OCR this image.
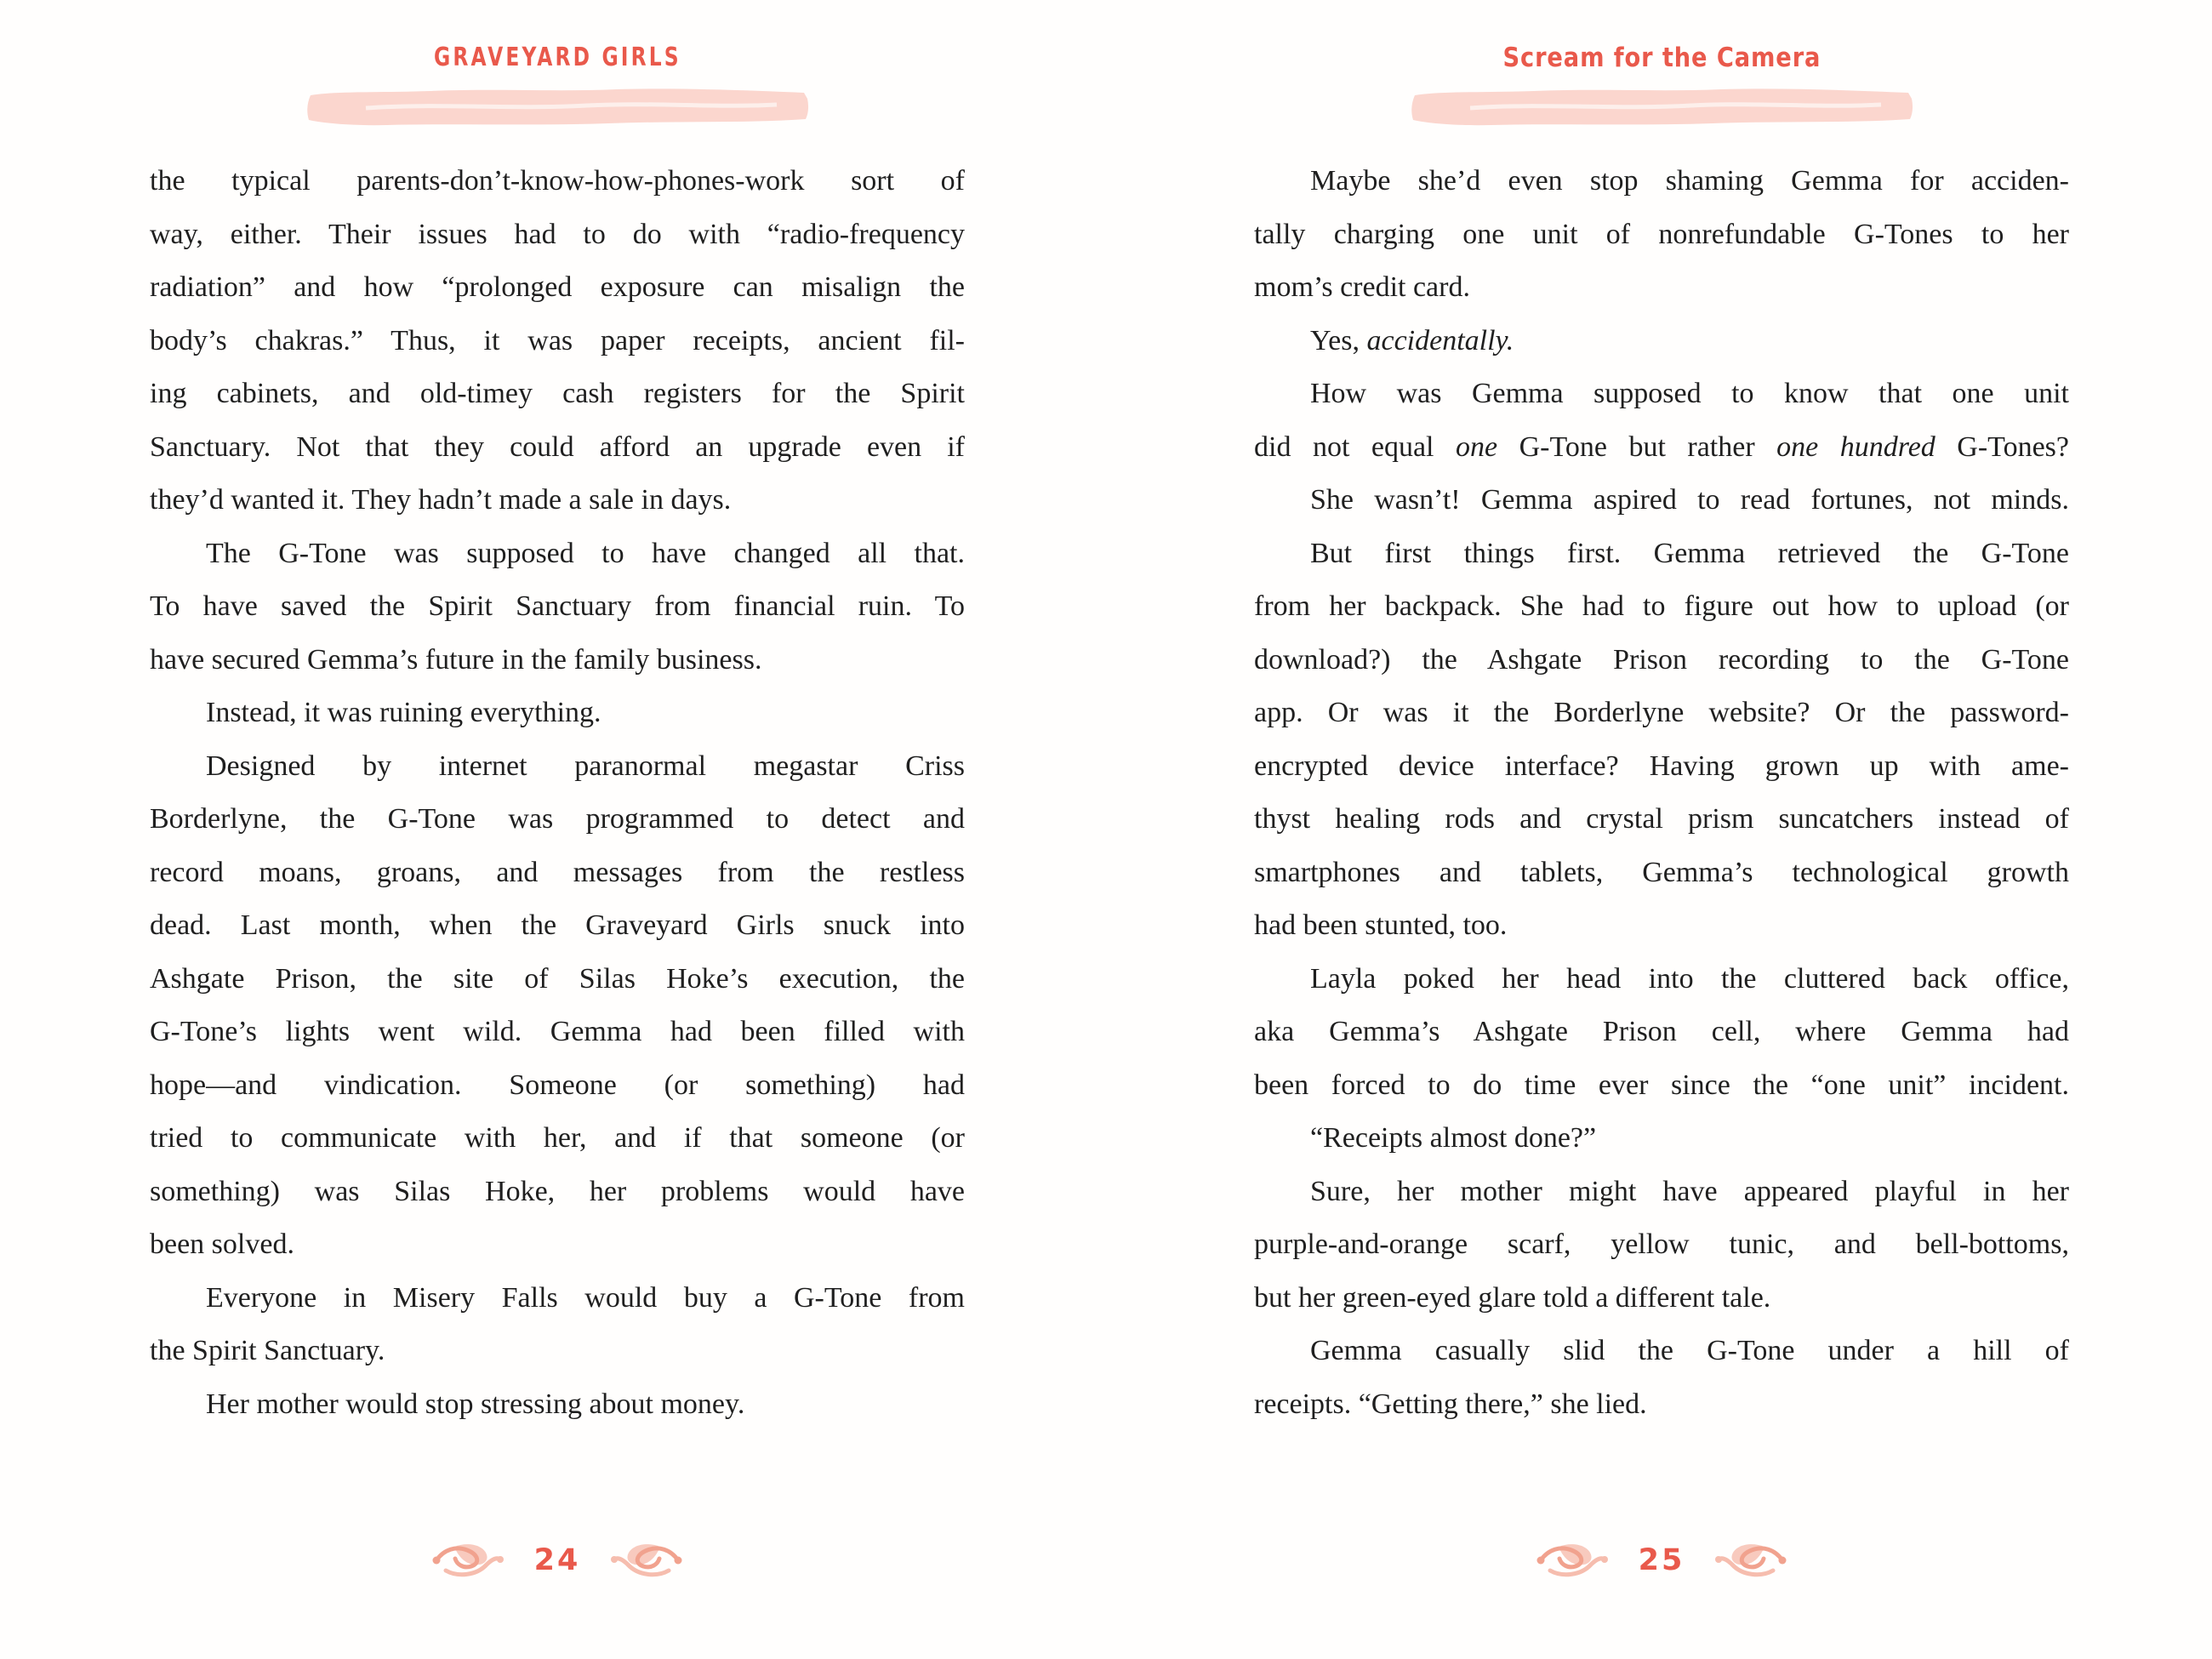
GRAVEYARD GIRLS
the typical parents-don’t-know-how-phones-work sort of
way, either. Their issues had to do with “radio-frequency
radiation” and how “prolonged exposure can misalign the
body’s chakras.” Thus, it was paper receipts, ancient fil-
ing cabinets, and old-timey cash registers for the Spirit
Sanctuary. Not that they could afford an upgrade even if
they’d wanted it. They hadn’t made a sale in days.
The G-Tone was supposed to have changed all that.
To have saved the Spirit Sanctuary from financial ruin. To
have secured Gemma’s future in the family business.
Instead, it was ruining everything.
Designed by internet paranormal megastar Criss
Borderlyne, the G-Tone was programmed to detect and
record moans, groans, and messages from the restless
dead. Last month, when the Graveyard Girls snuck into
Ashgate Prison, the site of Silas Hoke’s execution, the
G-Tone’s lights went wild. Gemma had been filled with
hope—and vindication. Someone (or something) had
tried to communicate with her, and if that someone (or
something) was Silas Hoke, her problems would have
been solved.
Everyone in Misery Falls would buy a G-Tone from
the Spirit Sanctuary.
Her mother would stop stressing about money.
24
Scream for the Camera
Maybe she’d even stop shaming Gemma for acciden-
tally charging one unit of nonrefundable G-Tones to her
mom’s credit card.
Yes, accidentally.
How was Gemma supposed to know that one unit
did not equal one G-Tone but rather one hundred G-Tones?
She wasn’t! Gemma aspired to read fortunes, not minds.
But first things first. Gemma retrieved the G-Tone
from her backpack. She had to figure out how to upload (or
download?) the Ashgate Prison recording to the G-Tone
app. Or was it the Borderlyne website? Or the password-
encrypted device interface? Having grown up with ame-
thyst healing rods and crystal prism suncatchers instead of
smartphones and tablets, Gemma’s technological growth
had been stunted, too.
Layla poked her head into the cluttered back office,
aka Gemma’s Ashgate Prison cell, where Gemma had
been forced to do time ever since the “one unit” incident.
“Receipts almost done?”
Sure, her mother might have appeared playful in her
purple-and-orange scarf, yellow tunic, and bell-bottoms,
but her green-eyed glare told a different tale.
Gemma casually slid the G-Tone under a hill of
receipts. “Getting there,” she lied.
25
